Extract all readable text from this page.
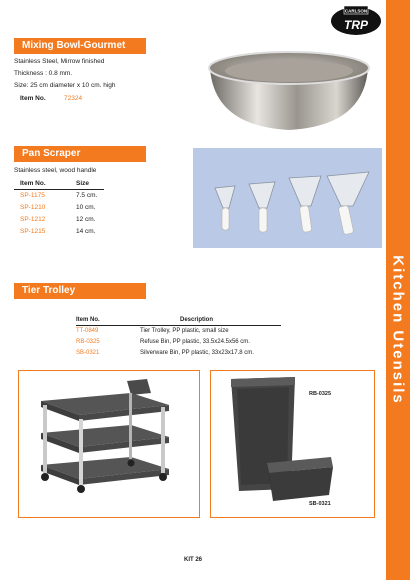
Kitchen Utensils
CARLSON
TRP
Mixing Bowl-Gourmet
Stainless Steel, Mirrow finished
Thickness : 0.8 mm.
Size: 25 cm diameter x 10 cm. high
Item No.	72324
Pan Scraper
Stainless steel, wood handle
Item No.	Size
SP-1175	7.5 cm.
SP-1210	10 cm.
SP-1212	12 cm.
SP-1215	14 cm.
Tier Trolley
Item No.	Description
TT-0849	Tier Trolley, PP plastic, small size
RB-0325	Refuse Bin, PP plastic, 33.5x24.5x56 cm.
SB-0321	Silverware Bin, PP plastic, 33x23x17.8 cm.
RB-0325
SB-0321
KIT 26
